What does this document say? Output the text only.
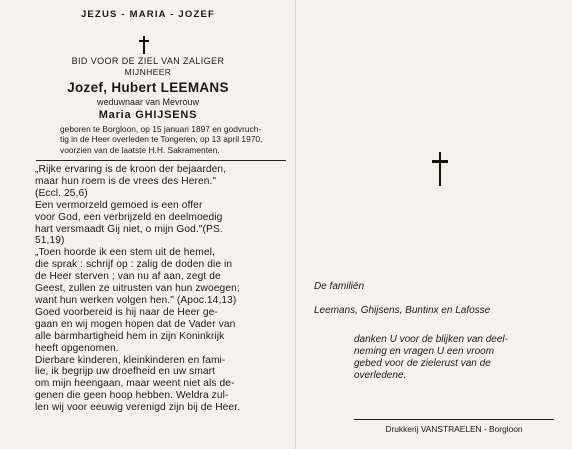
JEZUS - MARIA - JOZEF
BID VOOR DE ZIEL VAN ZALIGER
MIJNHEER
Jozef, Hubert LEEMANS
weduwnaar van Mevrouw
Maria GHIJSENS
geboren te Borgloon, op 15 januari 1897 en godvruch-
tig in de Heer overleden te Tongeren, op 13 april 1970,
voorzien van de laatste H.H. Sakramenten.
„Rijke ervaring is de kroon der bejaarden,
maar hun roem is de vrees des Heren."
(Eccl. 25,6)
Een vermorzeld gemoed is een offer
voor God, een verbrijzeld en deelmoedig
hart versmaadt Gij niet, o mijn God."(PS.
51,19)
„Toen hoorde ik een stem uit de hemel,
die sprak : schrijf op : zalig de doden die in
de Heer sterven ; van nu af aan, zegt de
Geest, zullen ze uitrusten van hun zwoegen;
want hun werken volgen hen." (Apoc.14,13)
Goed voorbereid is hij naar de Heer ge-
gaan en wij mogen hopen dat de Vader van
alle barmhartigheid hem in zijn Koninkrijk
heeft opgenomen.
Dierbare kinderen, kleinkinderen en fami-
lie, ik begrijp uw droefheid en uw smart
om mijn heengaan, maar weent niet als de-
genen die geen hoop hebben. Weldra zul-
len wij voor eeuwig verenigd zijn bij de Heer.
De familiën
Leemans, Ghijsens, Buntinx en Lafosse
danken U voor de blijken van deel-
neming en vragen U een vroom
gebed voor de zielerust van de
overledene.
Drukkerij VANSTRAELEN - Borgloon
